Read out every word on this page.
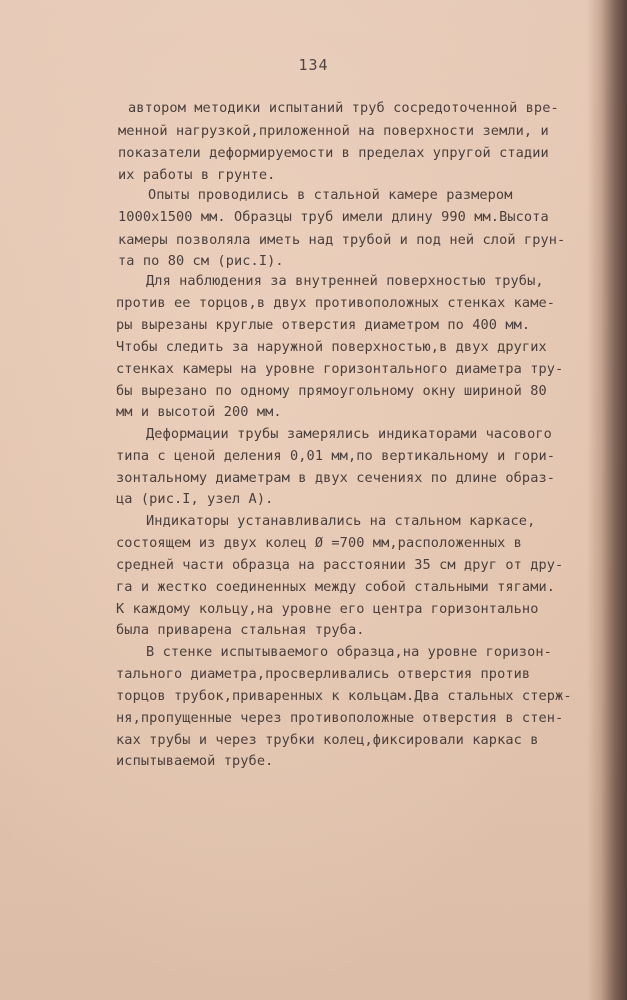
134
автором методики испытаний труб сосредоточенной вре-
менной нагрузкой,приложенной на поверхности земли, и
показатели деформируемости в пределах упругой стадии
их работы в грунте.
Опыты проводились в стальной камере размером
1000х1500 мм. Образцы труб имели длину 990 мм.Высота
камеры позволяла иметь над трубой и под ней слой грун-
та по 80 см (рис.I).
Для наблюдения за внутренней поверхностью трубы,
против ее торцов,в двух противоположных стенках каме-
ры вырезаны круглые отверстия диаметром по 400 мм.
Чтобы следить за наружной поверхностью,в двух других
стенках камеры на уровне горизонтального диаметра тру-
бы вырезано по одному прямоугольному окну шириной 80
мм и высотой 200 мм.
Деформации трубы замерялись индикаторами часового
типа с ценой деления 0,01 мм,по вертикальному и гори-
зонтальному диаметрам в двух сечениях по длине образ-
ца (рис.I, узел А).
Индикаторы устанавливались на стальном каркасе,
состоящем из двух колец Ø =700 мм,расположенных в
средней части образца на расстоянии 35 см друг от дру-
га и жестко соединенных между собой стальными тягами.
К каждому кольцу,на уровне его центра горизонтально
была приварена стальная труба.
В стенке испытываемого образца,на уровне горизон-
тального диаметра,просверливались отверстия против
торцов трубок,приваренных к кольцам.Два стальных стерж-
ня,пропущенные через противоположные отверстия в стен-
ках трубы и через трубки колец,фиксировали каркас в
испытываемой трубе.
